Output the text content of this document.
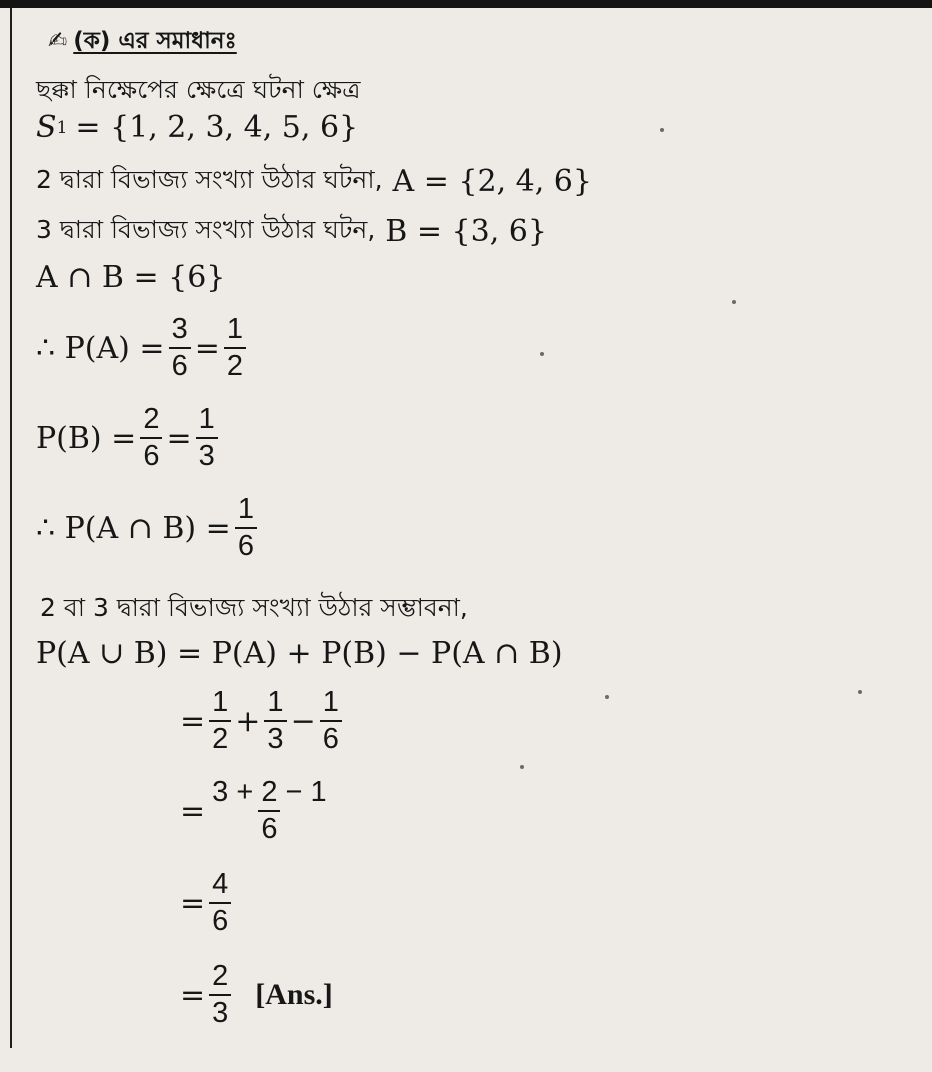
✍ (ক) এর সমাধানঃ
ছক্কা নিক্ষেপের ক্ষেত্রে ঘটনা ক্ষেত্র
S 1 = {1, 2, 3, 4, 5, 6}
2 দ্বারা বিভাজ্য সংখ্যা উঠার ঘটনা, A = {2, 4, 6}
3 দ্বারা বিভাজ্য সংখ্যা উঠার ঘটন, B = {3, 6}
A ∩ B = {6}
∴ $P(A) = \frac{3}{6} = \frac{1}{2}$
$P(B) = \frac{2}{6} = \frac{1}{3}$
∴ P(A ∩ $B) = \frac{1}{6}$
2 বা 3 দ্বারা বিভাজ্য সংখ্যা উঠার সম্ভাবনা,
P(A ∪ B) = P(A) + P(B) − P(A ∩ B)
= $\frac{1}{2} + \frac{1}{3} - \frac{1}{6}$
= $\frac{3 + 2 - 1}{6}$
= $\frac{4}{6}$
= $\frac{2}{3} [Ans.]$
